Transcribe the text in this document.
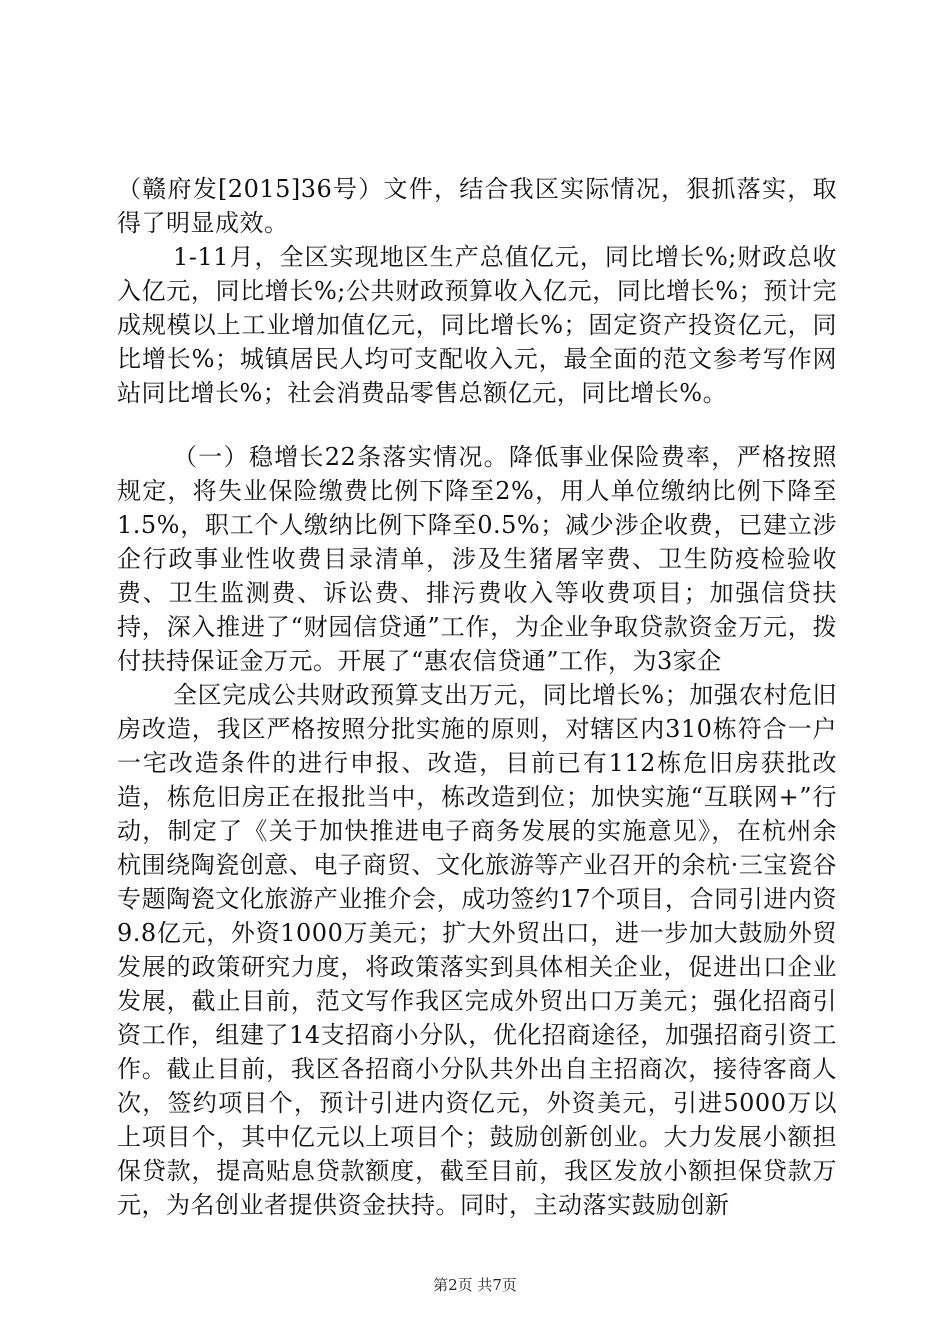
（赣府发[2015]36号）文件，结合我区实际情况，狠抓落实，取得了明显成效。

1-11月，全区实现地区生产总值亿元，同比增长%;财政总收入亿元，同比增长%;公共财政预算收入亿元，同比增长%；预计完成规模以上工业增加值亿元，同比增长%；固定资产投资亿元，同比增长%；城镇居民人均可支配收入元，最全面的范文参考写作网站同比增长%；社会消费品零售总额亿元，同比增长%。

（一）稳增长22条落实情况。降低事业保险费率，严格按照规定，将失业保险缴费比例下降至2%，用人单位缴纳比例下降至1.5%，职工个人缴纳比例下降至0.5%；减少涉企收费，已建立涉企行政事业性收费目录清单，涉及生猪屠宰费、卫生防疫检验收费、卫生监测费、诉讼费、排污费收入等收费项目；加强信贷扶持，深入推进了“财园信贷通”工作，为企业争取贷款资金万元，拨付扶持保证金万元。开展了“惠农信贷通”工作，为3家企

全区完成公共财政预算支出万元，同比增长%；加强农村危旧房改造，我区严格按照分批实施的原则，对辖区内310栋符合一户一宅改造条件的进行申报、改造，目前已有112栋危旧房获批改造，栋危旧房正在报批当中，栋改造到位；加快实施“互联网+”行动，制定了《关于加快推进电子商务发展的实施意见》，在杭州余杭围绕陶瓷创意、电子商贸、文化旅游等产业召开的余杭·三宝瓷谷专题陶瓷文化旅游产业推介会，成功签约17个项目，合同引进内资9.8亿元，外资1000万美元；扩大外贸出口，进一步加大鼓励外贸发展的政策研究力度，将政策落实到具体相关企业，促进出口企业发展，截止目前，范文写作我区完成外贸出口万美元；强化招商引资工作，组建了14支招商小分队，优化招商途径，加强招商引资工作。截止目前，我区各招商小分队共外出自主招商次，接待客商人次，签约项目个，预计引进内资亿元，外资美元，引进5000万以上项目个，其中亿元以上项目个；鼓励创新创业。大力发展小额担保贷款，提高贴息贷款额度，截至目前，我区发放小额担保贷款万元，为名创业者提供资金扶持。同时，主动落实鼓励创新

第2页 共7页
